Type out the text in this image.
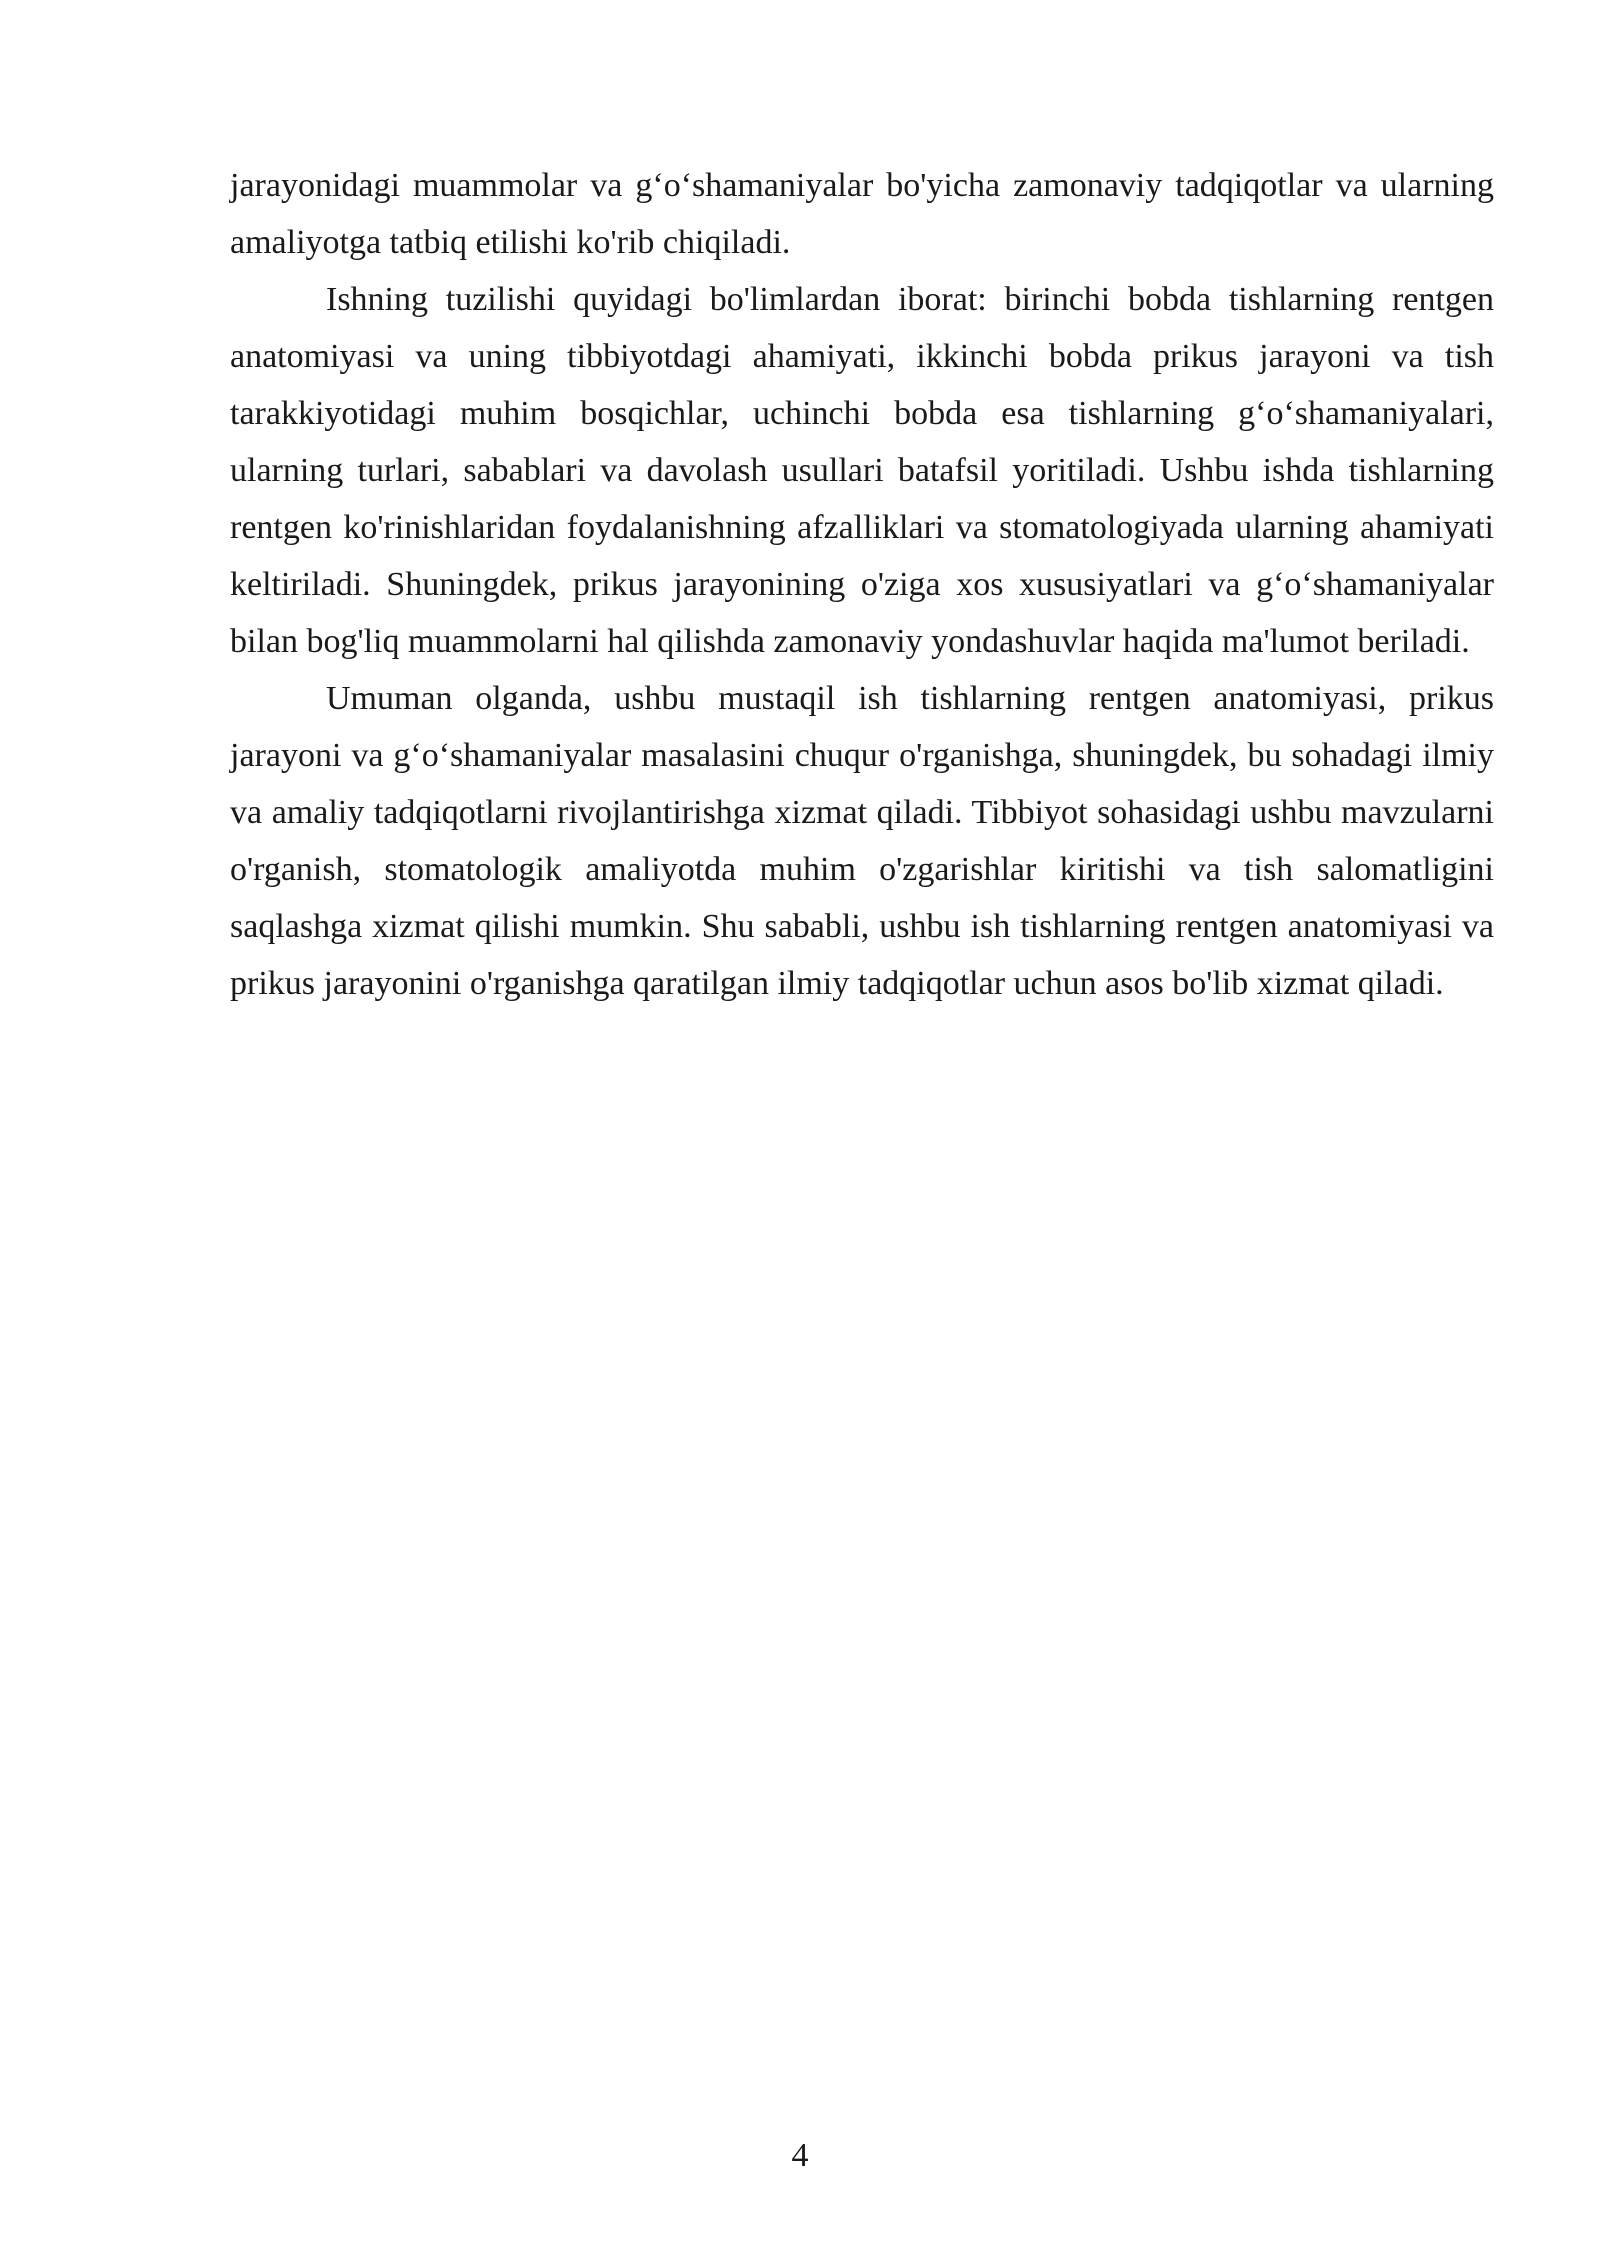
jarayonidagi muammolar va g‘o‘shamaniyalar bo'yicha zamonaviy tadqiqotlar va ularning amaliyotga tatbiq etilishi ko'rib chiqiladi.

Ishning tuzilishi quyidagi bo'limlardan iborat: birinchi bobda tishlarning rentgen anatomiyasi va uning tibbiyotdagi ahamiyati, ikkinchi bobda prikus jarayoni va tish tarakkiyotidagi muhim bosqichlar, uchinchi bobda esa tishlarning g‘o‘shamaniyalari, ularning turlari, sabablari va davolash usullari batafsil yoritiladi. Ushbu ishda tishlarning rentgen ko'rinishlaridan foydalanishning afzalliklari va stomatologiyada ularning ahamiyati keltiriladi. Shuningdek, prikus jarayonining o'ziga xos xususiyatlari va g‘o‘shamaniyalar bilan bog'liq muammolarni hal qilishda zamonaviy yondashuvlar haqida ma'lumot beriladi.

Umuman olganda, ushbu mustaqil ish tishlarning rentgen anatomiyasi, prikus jarayoni va g‘o‘shamaniyalar masalasini chuqur o'rganishga, shuningdek, bu sohadagi ilmiy va amaliy tadqiqotlarni rivojlantirishga xizmat qiladi. Tibbiyot sohasidagi ushbu mavzularni o'rganish, stomatologik amaliyotda muhim o'zgarishlar kiritishi va tish salomatligini saqlashga xizmat qilishi mumkin. Shu sababli, ushbu ish tishlarning rentgen anatomiyasi va prikus jarayonini o'rganishga qaratilgan ilmiy tadqiqotlar uchun asos bo'lib xizmat qiladi.

4
